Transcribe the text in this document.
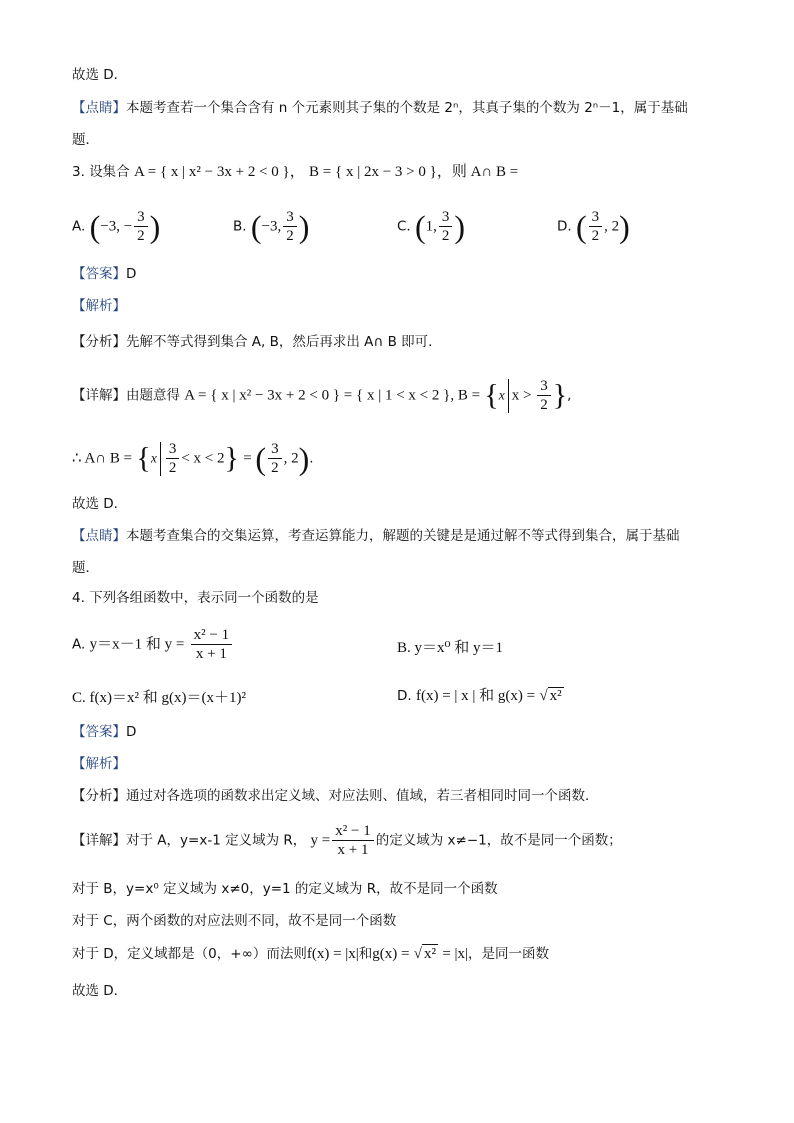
故选 D．
【点睛】本题考查若一个集合含有 n 个元素则其子集的个数是 2ⁿ，其真子集的个数为 2ⁿ－1，属于基础
题．
3. 设集合 A = { x | x² − 3x + 2 < 0 }， B = { x | 2x − 3 > 0 }，则 A∩ B =
A. (−3, − $\frac{3}{2}$ )	B. (−3, $\frac{3}{2}$ )	C. (1, $\frac{3}{2}$ )	D. ( $\frac{3}{2}$ , 2)
【答案】D
【解析】
【分析】先解不等式得到集合 A, B，然后再求出 A∩ B 即可.
【详解】由题意得 A = { x | x² − 3x + 2 < 0 } = { x | 1 < x < 2 }, B = {x $x > \frac{3}{2}$ },
∴ A∩ $B = \{x \frac{3}{2} < x < 2\}$ = ( $\frac{3}{2}$ , 2).
故选 D．
【点睛】本题考查集合的交集运算，考查运算能力，解题的关键是是通过解不等式得到集合，属于基础
题．
4. 下列各组函数中，表示同一个函数的是
A. y＝x－1 和 $y = \frac{\text{x² − 1}}{x + 1}$	B. y＝x⁰ 和 y＝1
C. f(x)＝x² 和 g(x)＝(x＋1)²	D. f(x) = | x | 和 g(x) = √ x²
【答案】D
【解析】
【分析】通过对各选项的函数求出定义域、对应法则、值域，若三者相同时同一个函数．
【详解】对于 A，y=x-1 定义域为 R， $y = \frac{\text{x² − 1}}{x + 1}$ 的定义域为 x≠−1，故不是同一个函数；
对于 B，y=x⁰ 定义域为 x≠0，y=1 的定义域为 R，故不是同一个函数
对于 C，两个函数的对应法则不同，故不是同一个函数
对于 D，定义域都是（0，+∞）而法则f(x) = |x|和g(x) = √ x² = |x|，是同一函数
故选 D．
